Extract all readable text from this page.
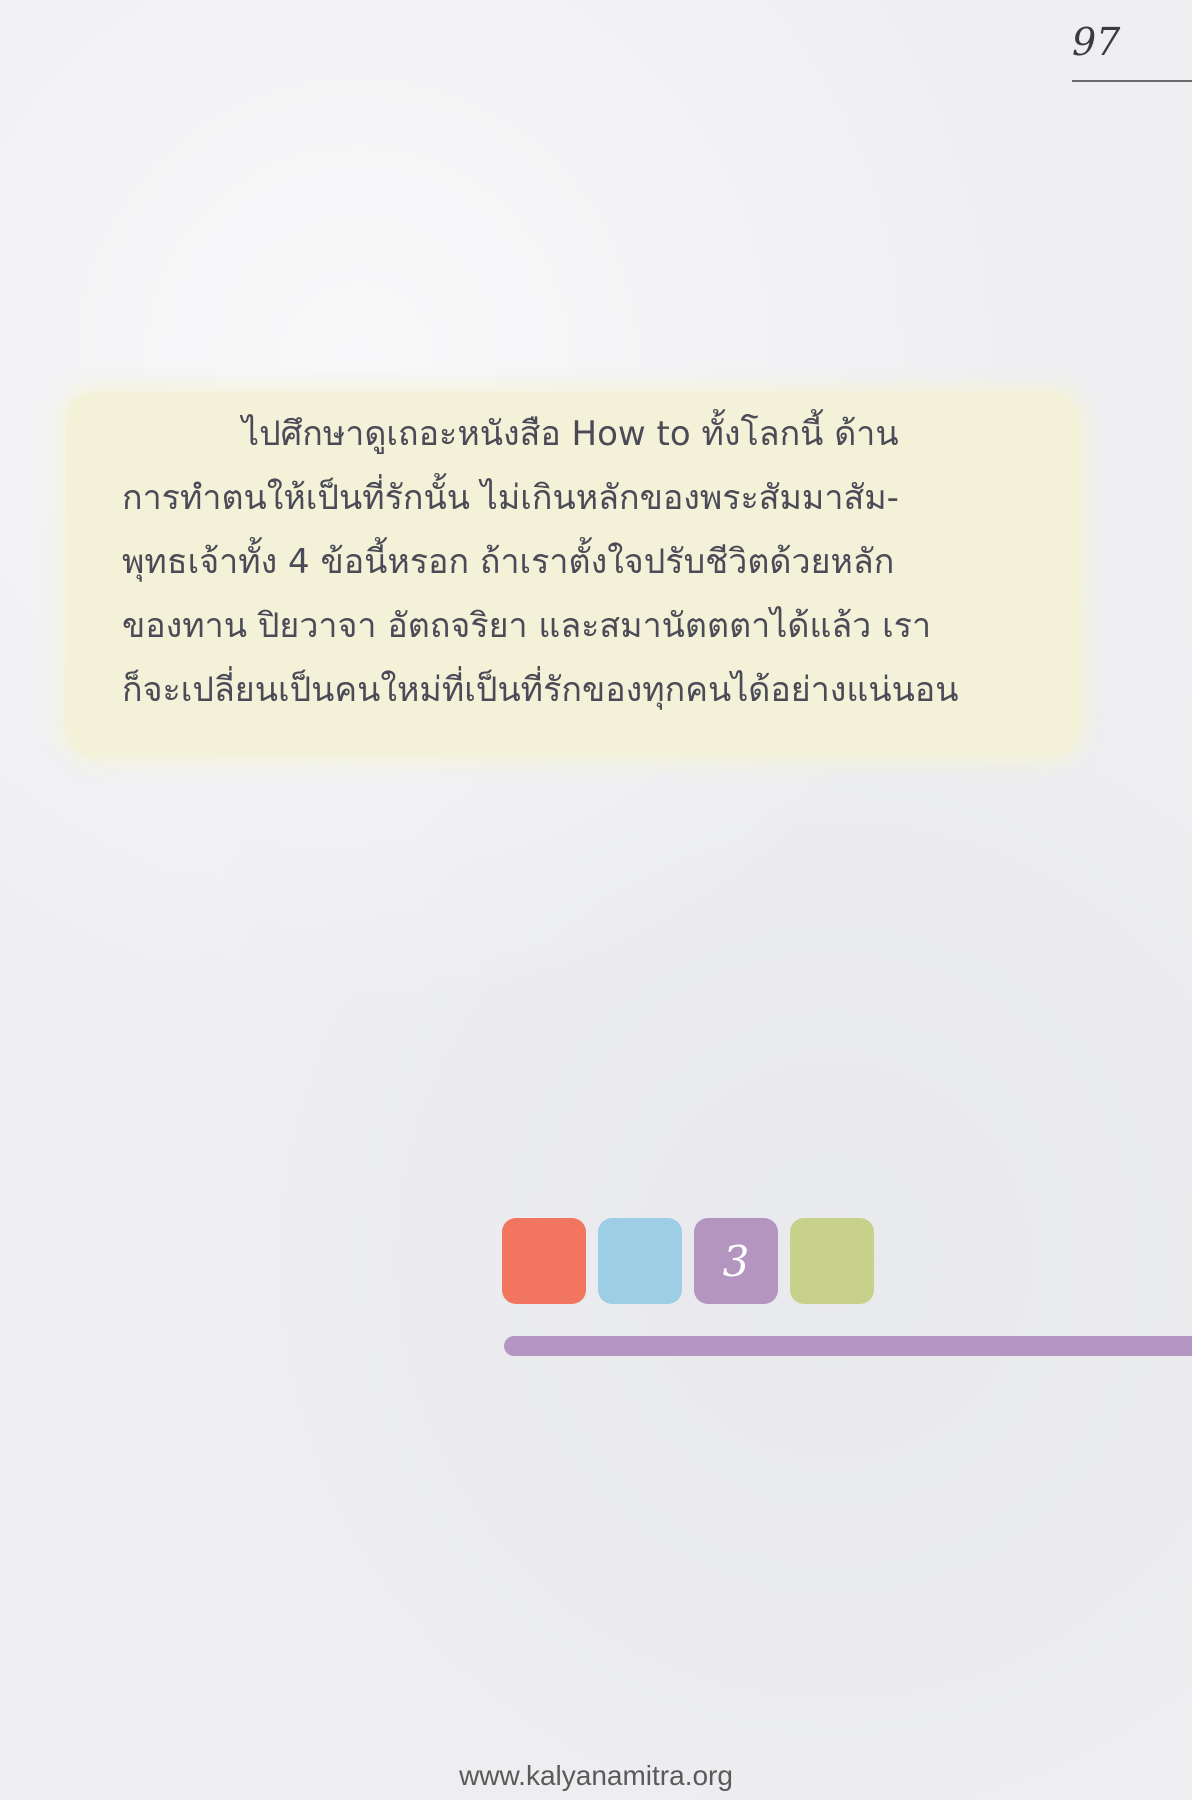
97

ไปศึกษาดูเถอะหนังสือ How to ทั้งโลกนี้ ด้าน

การทำตนให้เป็นที่รักนั้น ไม่เกินหลักของพระสัมมาสัม-

พุทธเจ้าทั้ง 4 ข้อนี้หรอก ถ้าเราตั้งใจปรับชีวิตด้วยหลัก

ของทาน ปิยวาจา อัตถจริยา และสมานัตตตาได้แล้ว เรา

ก็จะเปลี่ยนเป็นคนใหม่ที่เป็นที่รักของทุกคนได้อย่างแน่นอน

3
www.kalyanamitra.org
